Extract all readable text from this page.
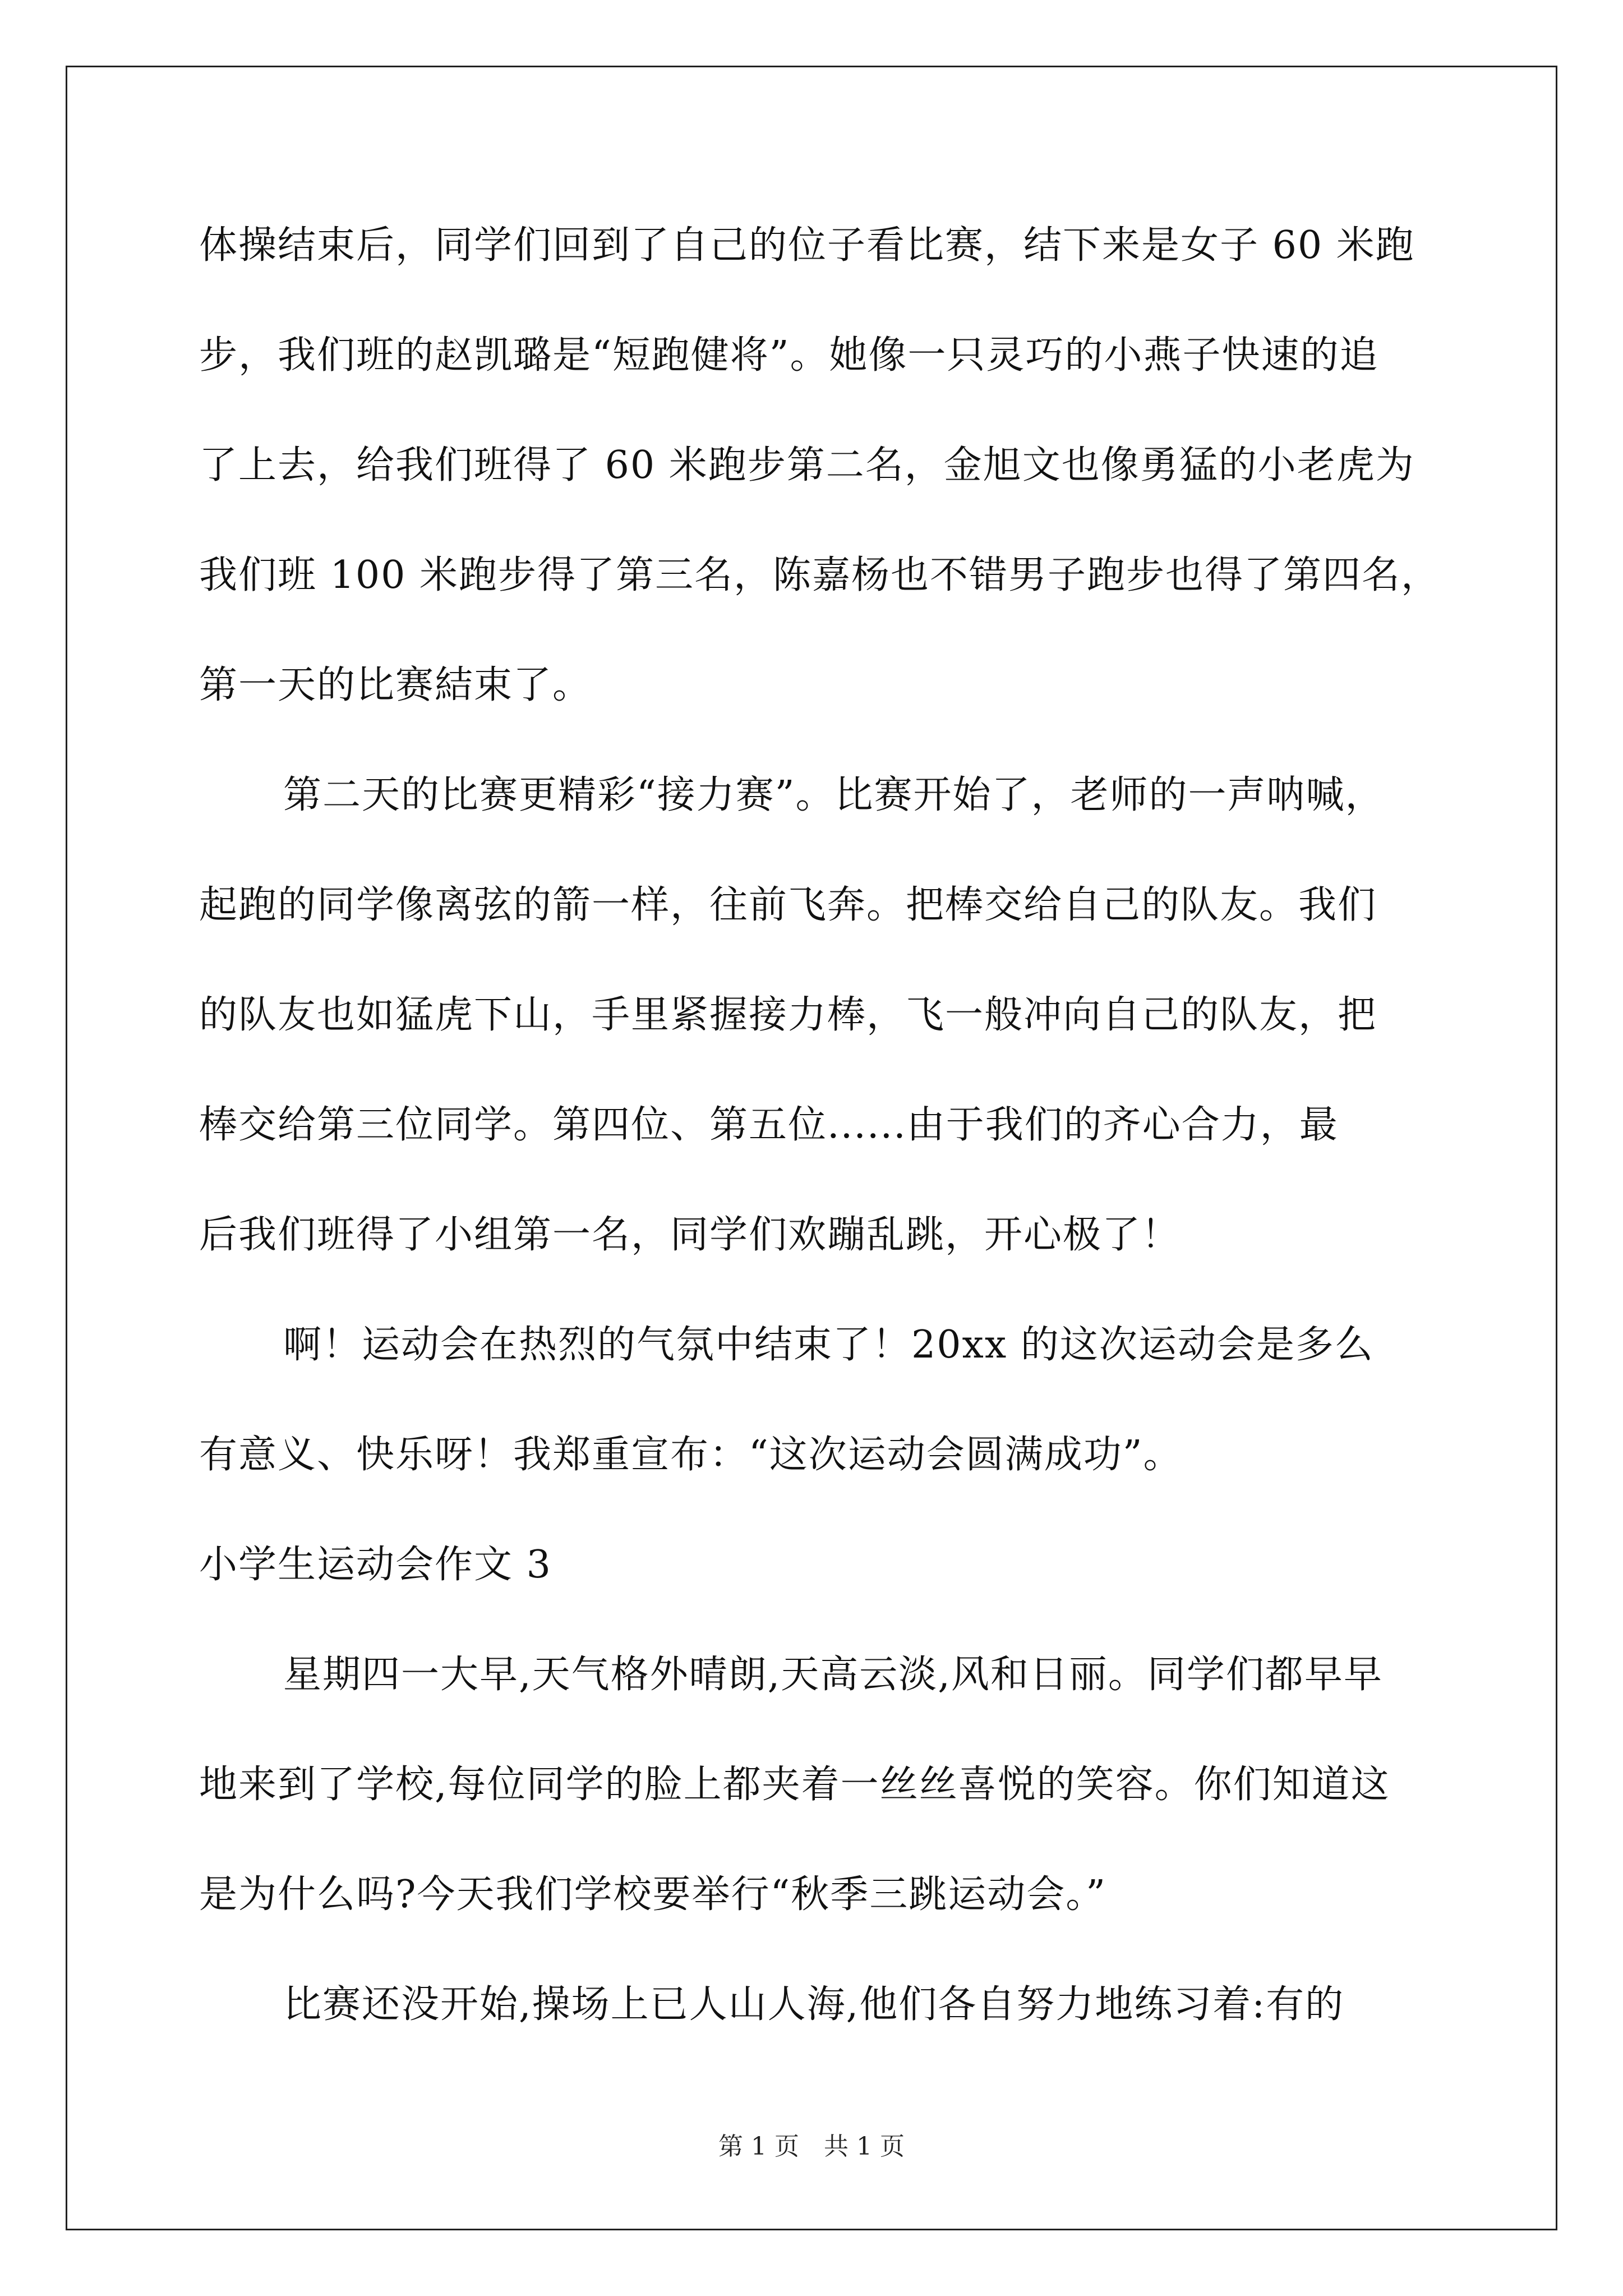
体操结束后，同学们回到了自己的位子看比赛，结下来是女子 60 米跑
步，我们班的赵凯璐是“短跑健将”。她像一只灵巧的小燕子快速的追
了上去，给我们班得了 60 米跑步第二名，金旭文也像勇猛的小老虎为
我们班 100 米跑步得了第三名，陈嘉杨也不错男子跑步也得了第四名，
第一天的比赛結束了。
第二天的比赛更精彩“接力赛”。比赛开始了，老师的一声呐喊，
起跑的同学像离弦的箭一样，往前飞奔。把棒交给自己的队友。我们
的队友也如猛虎下山，手里紧握接力棒，飞一般冲向自己的队友，把
棒交给第三位同学。第四位、第五位......由于我们的齐心合力，最
后我们班得了小组第一名，同学们欢蹦乱跳，开心极了！
啊！运动会在热烈的气氛中结束了！20xx 的这次运动会是多么
有意义、快乐呀！我郑重宣布：“这次运动会圆满成功”。
小学生运动会作文 3
星期四一大早,天气格外晴朗,天高云淡,风和日丽。同学们都早早
地来到了学校,每位同学的脸上都夹着一丝丝喜悦的笑容。你们知道这
是为什么吗?今天我们学校要举行“秋季三跳运动会。”
比赛还没开始,操场上已人山人海,他们各自努力地练习着:有的
第 1 页　共 1 页
